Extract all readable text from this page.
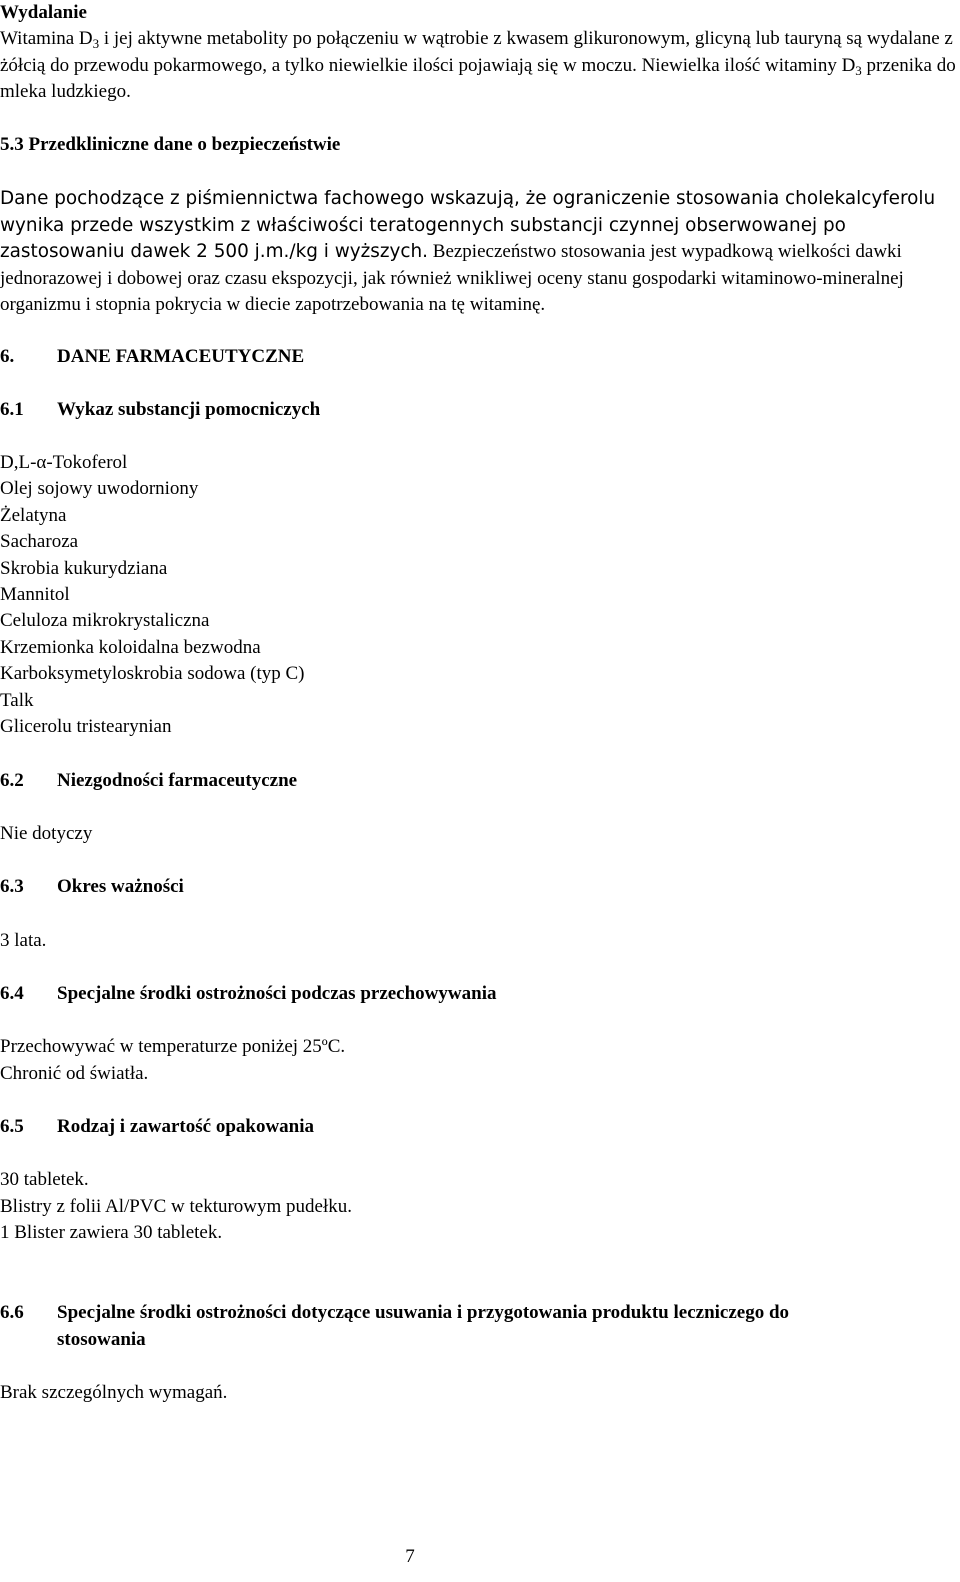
Wydalanie
Witamina $D_3$ i jej aktywne metabolity po połączeniu w wątrobie z kwasem glikuronowym, glicyną lub tauryną są wydalane z żółcią do przewodu pokarmowego, a tylko niewielkie ilości pojawiają się w moczu. Niewielka ilość witaminy $D_3$ przenika do mleka ludzkiego.
5.3 Przedkliniczne dane o bezpieczeństwie
Dane pochodzące z piśmiennictwa fachowego wskazują, że ograniczenie stosowania cholekalcyferolu wynika przede wszystkim z właściwości teratogennych substancji czynnej obserwowanej po zastosowaniu dawek 2 500 j.m./kg i wyższych. Bezpieczeństwo stosowania jest wypadkową wielkości dawki jednorazowej i dobowej oraz czasu ekspozycji, jak również wnikliwej oceny stanu gospodarki witaminowo-mineralnej organizmu i stopnia pokrycia w diecie zapotrzebowania na tę witaminę.
6. DANE FARMACEUTYCZNE
6.1 Wykaz substancji pomocniczych
D,L-α-Tokoferol
Olej sojowy uwodorniony
Żelatyna
Sacharoza
Skrobia kukurydziana
Mannitol
Celuloza mikrokrystaliczna
Krzemionka koloidalna bezwodna
Karboksymetyloskrobia sodowa (typ C)
Talk
Glicerolu tristearynian
6.2 Niezgodności farmaceutyczne
Nie dotyczy
6.3 Okres ważności
3 lata.
6.4 Specjalne środki ostrożności podczas przechowywania
Przechowywać w temperaturze poniżej 25ºC.
Chronić od światła.
6.5 Rodzaj i zawartość opakowania
30 tabletek.
Blistry z folii Al/PVC w tekturowym pudełku.
1 Blister zawiera 30 tabletek.
6.6 Specjalne środki ostrożności dotyczące usuwania i przygotowania produktu leczniczego do
stosowania
Brak szczególnych wymagań.
7
